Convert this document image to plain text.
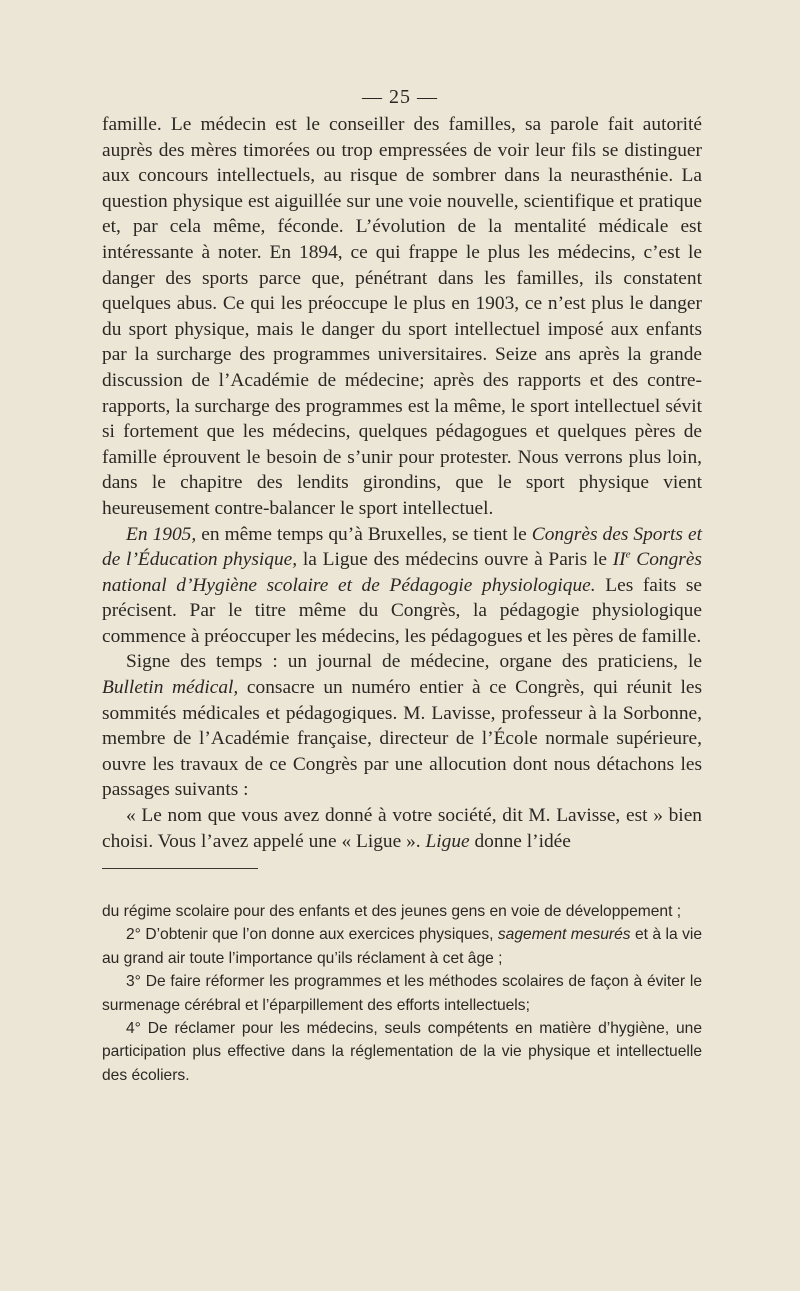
— 25 —

famille. Le médecin est le conseiller des familles, sa parole fait autorité auprès des mères timorées ou trop empressées de voir leur fils se distinguer aux concours intellectuels, au risque de sombrer dans la neurasthénie. La question physique est aiguillée sur une voie nouvelle, scientifique et pratique et, par cela même, féconde. L’évolution de la mentalité médicale est intéressante à noter. En 1894, ce qui frappe le plus les médecins, c’est le danger des sports parce que, pénétrant dans les familles, ils constatent quelques abus. Ce qui les préoccupe le plus en 1903, ce n’est plus le danger du sport physique, mais le danger du sport intellectuel imposé aux enfants par la surcharge des programmes universitaires. Seize ans après la grande discussion de l’Académie de médecine; après des rapports et des contre-rapports, la surcharge des programmes est la même, le sport intellectuel sévit si fortement que les médecins, quelques pédagogues et quelques pères de famille éprouvent le besoin de s’unir pour protester. Nous verrons plus loin, dans le chapitre des lendits girondins, que le sport physique vient heureusement contre-balancer le sport intellectuel.

En 1905, en même temps qu’à Bruxelles, se tient le Congrès des Sports et de l’Éducation physique, la Ligue des médecins ouvre à Paris le IIe Congrès national d’Hygiène scolaire et de Pédagogie physiologique. Les faits se précisent. Par le titre même du Congrès, la pédagogie physiologique commence à préoccuper les médecins, les pédagogues et les pères de famille.

Signe des temps : un journal de médecine, organe des praticiens, le Bulletin médical, consacre un numéro entier à ce Congrès, qui réunit les sommités médicales et pédagogiques. M. Lavisse, professeur à la Sorbonne, membre de l’Académie française, directeur de l’École normale supérieure, ouvre les travaux de ce Congrès par une allocution dont nous détachons les passages suivants :

« Le nom que vous avez donné à votre société, dit M. Lavisse, est » bien choisi. Vous l’avez appelé une « Ligue ». Ligue donne l’idée

du régime scolaire pour des enfants et des jeunes gens en voie de développement ;

2° D’obtenir que l’on donne aux exercices physiques, sagement mesurés et à la vie au grand air toute l’importance qu’ils réclament à cet âge ;

3° De faire réformer les programmes et les méthodes scolaires de façon à éviter le surmenage cérébral et l’éparpillement des efforts intellectuels;

4° De réclamer pour les médecins, seuls compétents en matière d’hygiène, une participation plus effective dans la réglementation de la vie physique et intellectuelle des écoliers.
